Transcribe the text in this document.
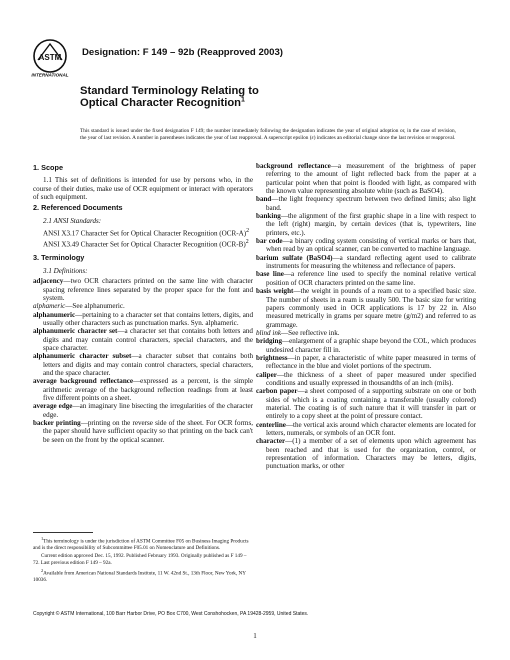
ASTM
INTERNATIONAL
Designation: F 149 – 92b (Reapproved 2003)
Standard Terminology Relating to
Optical Character Recognition$^1$
This standard is issued under the fixed designation F 149; the number immediately following the designation indicates the year of original adoption or, in the case of revision, the year of last revision. A number in parentheses indicates the year of last reapproval. A superscript epsilon (ε) indicates an editorial change since the last revision or reapproval.
1. Scope

1.1 This set of definitions is intended for use by persons who, in the course of their duties, make use of OCR equipment or interact with operators of such equipment.

2. Referenced Documents
2.1 ANSI Standards:

ANSI X3.17 Character Set for Optical Character Recognition $(OCR-A)^2$

ANSI X3.49 Character Set for Optical Character Recognition $(OCR-B)^2$

3. Terminology
3.1 Definitions:

adjacency—two OCR characters printed on the same line with character spacing reference lines separated by the proper space for the font and system.

alphameric—See alphanumeric.

alphanumeric—pertaining to a character set that contains letters, digits, and usually other characters such as punctuation marks. Syn. alphameric.

alphanumeric character set—a character set that contains both letters and digits and may contain control characters, special characters, and the space character.

alphanumeric character subset—a character subset that contains both letters and digits and may contain control characters, special characters, and the space character.

average background reflectance—expressed as a percent, is the simple arithmetic average of the background reflection readings from at least five different points on a sheet.

average edge—an imaginary line bisecting the irregularities of the character edge.

backer printing—printing on the reverse side of the sheet. For OCR forms, the paper should have sufficient opacity so that printing on the back can't be seen on the front by the optical scanner.

$^1$This terminology is under the jurisdiction of ASTM Committee F05 on Business Imaging Products and is the direct responsibility of Subcommittee F05.01 on Nomenclature and Definitions.

Current edition approved Dec. 15, 1992. Published February 1993. Originally published as F 149 – 72. Last previous edition F 149 – 92a.

$^2$Available from American National Standards Institute, 11 W. 42nd St., 13th Floor, New York, NY 10036.

background reflectance—a measurement of the brightness of paper referring to the amount of light reflected back from the paper at a particular point when that point is flooded with light, as compared with the known value representing absolute white (such as BaSO4).

band—the light frequency spectrum between two defined limits; also light band.

banking—the alignment of the first graphic shape in a line with respect to the left (right) margin, by certain devices (that is, typewriters, line printers, etc.).

bar code—a binary coding system consisting of vertical marks or bars that, when read by an optical scanner, can be converted to machine language.

barium sulfate (BaSO4)—a standard reflecting agent used to calibrate instruments for measuring the whiteness and reflectance of papers.

base line—a reference line used to specify the nominal relative vertical position of OCR characters printed on the same line.

basis weight—the weight in pounds of a ream cut to a specified basic size. The number of sheets in a ream is usually 500. The basic size for writing papers commonly used in OCR applications is 17 by 22 in. Also measured metrically in grams per square metre (g/m2) and referred to as grammage.

blind ink—See reflective ink.

bridging—enlargement of a graphic shape beyond the COL, which produces undesired character fill in.

brightness—in paper, a characteristic of white paper measured in terms of reflectance in the blue and violet portions of the spectrum.

caliper—the thickness of a sheet of paper measured under specified conditions and usually expressed in thousandths of an inch (mils).

carbon paper—a sheet composed of a supporting substrate on one or both sides of which is a coating containing a transferable (usually colored) material. The coating is of such nature that it will transfer in part or entirely to a copy sheet at the point of pressure contact.

centerline—the vertical axis around which character elements are located for letters, numerals, or symbols of an OCR font.

character—(1) a member of a set of elements upon which agreement has been reached and that is used for the organization, control, or representation of information. Characters may be letters, digits, punctuation marks, or other

Copyright © ASTM International, 100 Barr Harbor Drive, PO Box C700, West Conshohocken, PA 19428-2959, United States.
1
